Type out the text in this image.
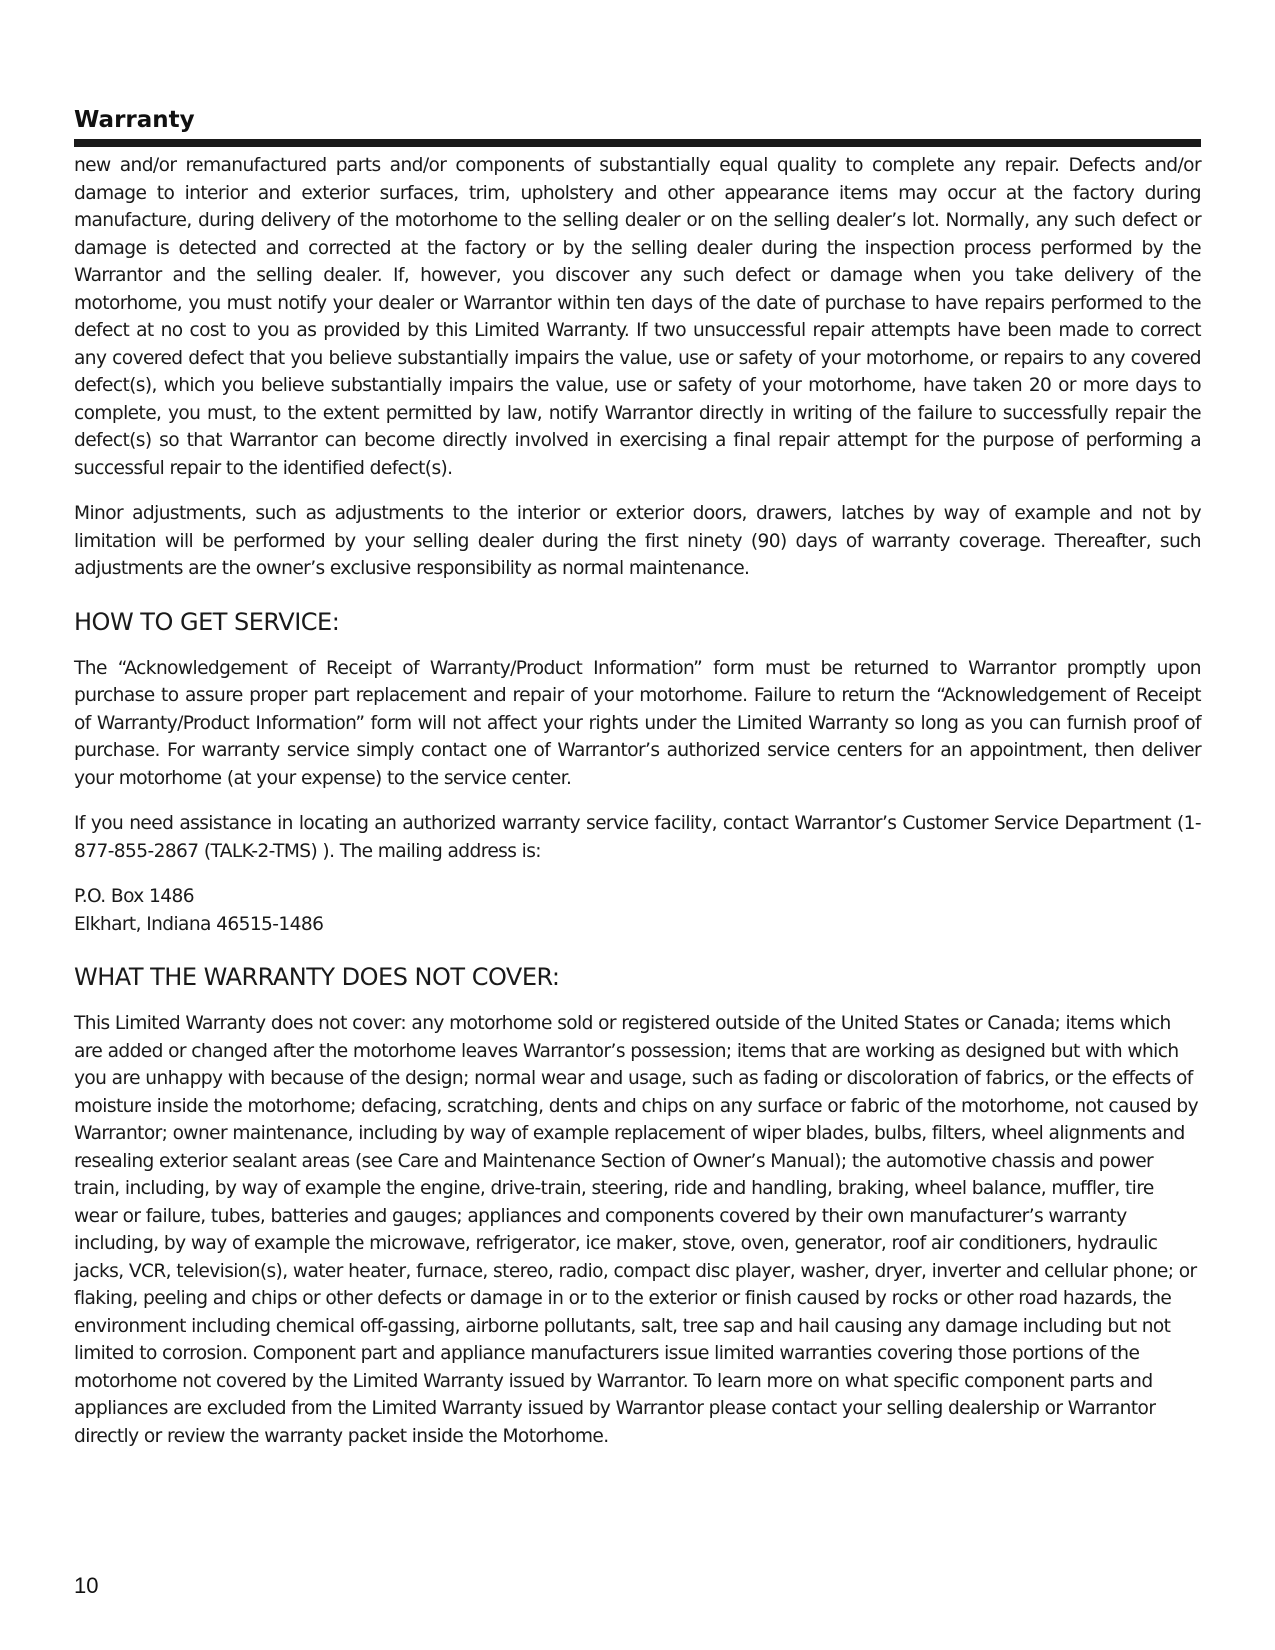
Warranty

new and/or remanufactured parts and/or components of substantially equal quality to complete any repair. Defects and/or damage to interior and exterior surfaces, trim, upholstery and other appearance items may occur at the factory during manufacture, during delivery of the motorhome to the selling dealer or on the selling dealer’s lot. Normally, any such defect or damage is detected and corrected at the factory or by the selling dealer during the inspection process performed by the Warrantor and the selling dealer. If, however, you discover any such defect or damage when you take delivery of the motorhome, you must notify your dealer or Warrantor within ten days of the date of purchase to have repairs performed to the defect at no cost to you as provided by this Limited Warranty. If two unsuccessful repair attempts have been made to correct any covered defect that you believe substantially impairs the value, use or safety of your motorhome, or repairs to any covered defect(s), which you believe substantially impairs the value, use or safety of your motorhome, have taken 20 or more days to complete, you must, to the extent permitted by law, notify Warrantor directly in writing of the failure to successfully repair the defect(s) so that Warrantor can become directly involved in exercising a final repair attempt for the purpose of performing a successful repair to the identified defect(s).

Minor adjustments, such as adjustments to the interior or exterior doors, drawers, latches by way of example and not by limitation will be performed by your selling dealer during the first ninety (90) days of warranty coverage. Thereafter, such adjustments are the owner’s exclusive responsibility as normal maintenance.

HOW TO GET SERVICE:

The “Acknowledgement of Receipt of Warranty/Product Information” form must be returned to Warrantor promptly upon purchase to assure proper part replacement and repair of your motorhome. Failure to return the “Acknowledgement of Receipt of Warranty/Product Information” form will not affect your rights under the Limited Warranty so long as you can furnish proof of purchase. For warranty service simply contact one of Warrantor’s authorized service centers for an appointment, then deliver your motorhome (at your expense) to the service center.

If you need assistance in locating an authorized warranty service facility, contact Warrantor’s Customer Service Department (1-877-855-2867 (TALK-2-TMS) ). The mailing address is:

P.O. Box 1486
Elkhart, Indiana 46515-1486
WHAT THE WARRANTY DOES NOT COVER:

This Limited Warranty does not cover: any motorhome sold or registered outside of the United States or Canada; items which are added or changed after the motorhome leaves Warrantor’s possession; items that are working as designed but with which you are unhappy with because of the design; normal wear and usage, such as fading or discoloration of fabrics, or the effects of moisture inside the motorhome; defacing, scratching, dents and chips on any surface or fabric of the motorhome, not caused by Warrantor; owner maintenance, including by way of example replacement of wiper blades, bulbs, filters, wheel alignments and resealing exterior sealant areas (see Care and Maintenance Section of Owner’s Manual); the automotive chassis and power train, including, by way of example the engine, drive-train, steering, ride and handling, braking, wheel balance, muffler, tire wear or failure, tubes, batteries and gauges; appliances and components covered by their own manufacturer’s warranty including, by way of example the microwave, refrigerator, ice maker, stove, oven, generator, roof air conditioners, hydraulic jacks, VCR, television(s), water heater, furnace, stereo, radio, compact disc player, washer, dryer, inverter and cellular phone; or flaking, peeling and chips or other defects or damage in or to the exterior or finish caused by rocks or other road hazards, the environment including chemical off-gassing, airborne pollutants, salt, tree sap and hail causing any damage including but not limited to corrosion. Component part and appliance manufacturers issue limited warranties covering those portions of the motorhome not covered by the Limited Warranty issued by Warrantor. To learn more on what specific component parts and appliances are excluded from the Limited Warranty issued by Warrantor please contact your selling dealership or Warrantor directly or review the warranty packet inside the Motorhome.

10
